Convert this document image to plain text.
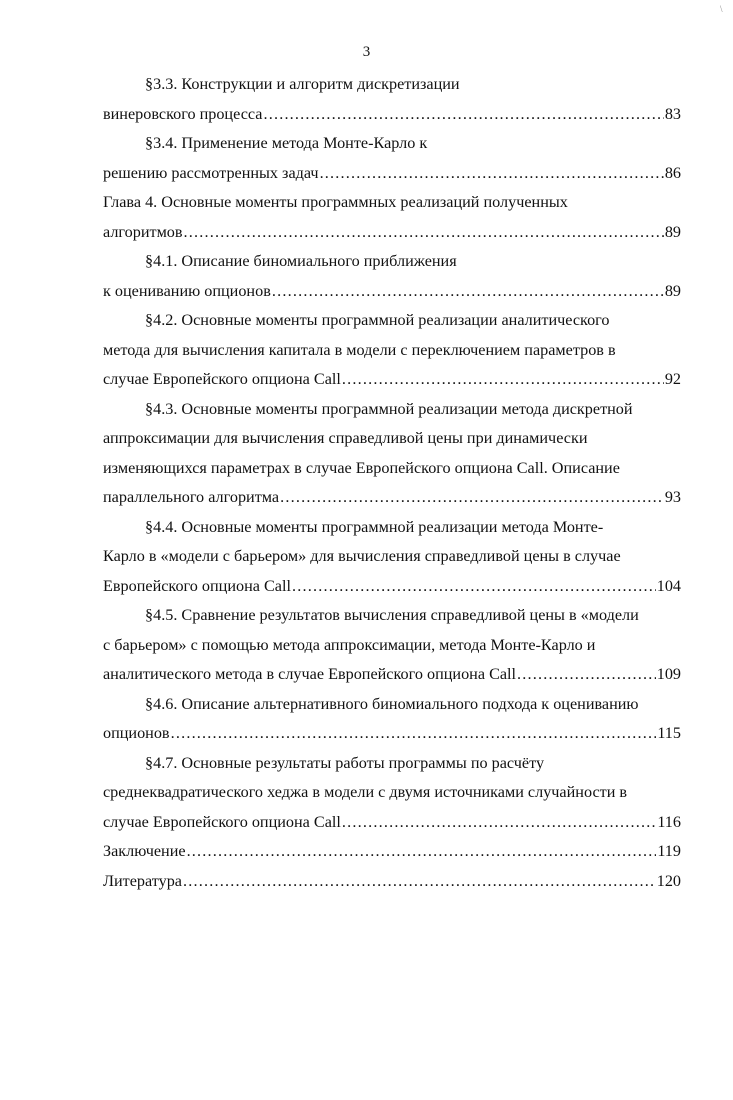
\
3
§3.3. Конструкции и алгоритм дискретизации
винеровского процесса .....	83
§3.4. Применение метода Монте-Карло к
решению рассмотренных задач .....	86
Глава 4. Основные моменты программных реализаций полученных
алгоритмов .....	89
§4.1. Описание биномиального приближения
к оцениванию опционов .....	89
§4.2. Основные моменты программной реализации аналитического
метода для вычисления капитала в модели с переключением параметров в
случае Европейского опциона Call .....	92
§4.3. Основные моменты программной реализации метода дискретной
аппроксимации для вычисления справедливой цены при динамически
изменяющихся параметрах в случае Европейского опциона Call. Описание
параллельного алгоритма .....	93
§4.4. Основные моменты программной реализации метода Монте-
Карло в «модели с барьером» для вычисления справедливой цены в случае
Европейского опциона Call .....	104
§4.5. Сравнение результатов вычисления справедливой цены в «модели
с барьером» с помощью метода аппроксимации, метода Монте-Карло и
аналитического метода в случае Европейского опциона Call .....	109
§4.6. Описание альтернативного биномиального подхода к оцениванию
опционов .....	115
§4.7. Основные результаты работы программы по расчёту
среднеквадратического хеджа в модели с двумя источниками случайности в
случае Европейского опциона Call .....	116
Заключение .....	119
Литература .....	120
